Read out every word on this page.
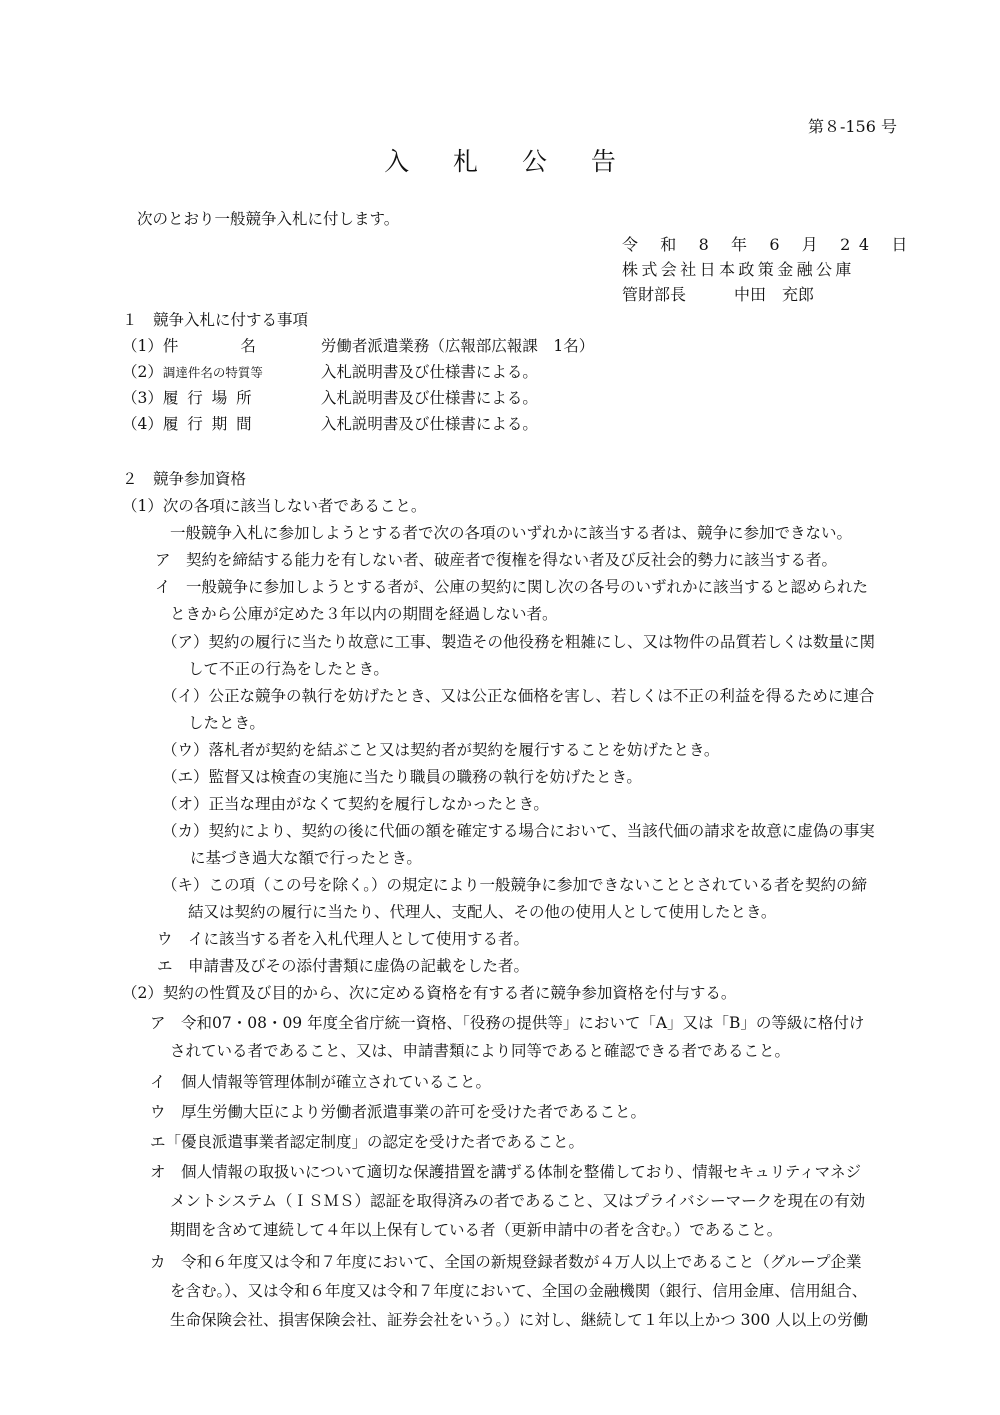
第８-156 号
入 札 公 告
次のとおり一般競争入札に付します。
令 和 8 年 6 月 24 日
株式会社日本政策金融公庫
管財部長	中田　充郎
１　競争入札に付する事項
（1）件　　　　名	労働者派遣業務（広報部広報課　1名）
（2）調達件名の特質等	入札説明書及び仕様書による。
（3）履 行 場 所	入札説明書及び仕様書による。
（4）履 行 期 間	入札説明書及び仕様書による。
２　競争参加資格
（1）次の各項に該当しない者であること。
一般競争入札に参加しようとする者で次の各項のいずれかに該当する者は、競争に参加できない。
ア　契約を締結する能力を有しない者、破産者で復権を得ない者及び反社会的勢力に該当する者。
イ　一般競争に参加しようとする者が、公庫の契約に関し次の各号のいずれかに該当すると認められた
ときから公庫が定めた３年以内の期間を経過しない者。
（ア）契約の履行に当たり故意に工事、製造その他役務を粗雑にし、又は物件の品質若しくは数量に関
して不正の行為をしたとき。
（イ）公正な競争の執行を妨げたとき、又は公正な価格を害し、若しくは不正の利益を得るために連合
したとき。
（ウ）落札者が契約を結ぶこと又は契約者が契約を履行することを妨げたとき。
（エ）監督又は検査の実施に当たり職員の職務の執行を妨げたとき。
（オ）正当な理由がなくて契約を履行しなかったとき。
（カ）契約により、契約の後に代価の額を確定する場合において、当該代価の請求を故意に虚偽の事実
に基づき過大な額で行ったとき。
（キ）この項（この号を除く。）の規定により一般競争に参加できないこととされている者を契約の締
結又は契約の履行に当たり、代理人、支配人、その他の使用人として使用したとき。
ウ　イに該当する者を入札代理人として使用する者。
エ　申請書及びその添付書類に虚偽の記載をした者。
（2）契約の性質及び目的から、次に定める資格を有する者に競争参加資格を付与する。
ア　令和07・08・09 年度全省庁統一資格、「役務の提供等」において「A」又は「B」の等級に格付け
されている者であること、又は、申請書類により同等であると確認できる者であること。
イ　個人情報等管理体制が確立されていること。
ウ　厚生労働大臣により労働者派遣事業の許可を受けた者であること。
エ「優良派遣事業者認定制度」の認定を受けた者であること。
オ　個人情報の取扱いについて適切な保護措置を講ずる体制を整備しており、情報セキュリティマネジ
メントシステム（ＩＳＭＳ）認証を取得済みの者であること、又はプライバシーマークを現在の有効
期間を含めて連続して４年以上保有している者（更新申請中の者を含む。）であること。
カ　令和６年度又は令和７年度において、全国の新規登録者数が４万人以上であること（グループ企業
を含む。）、又は令和６年度又は令和７年度において、全国の金融機関（銀行、信用金庫、信用組合、
生命保険会社、損害保険会社、証券会社をいう。）に対し、継続して１年以上かつ 300 人以上の労働
